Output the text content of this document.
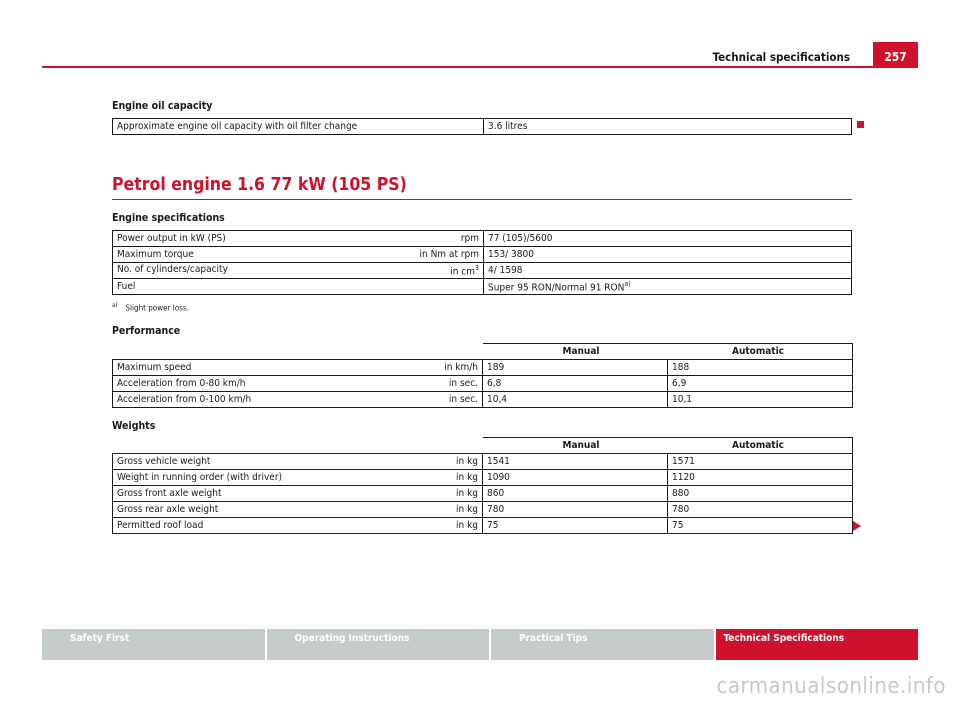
Technical specifications	257
Engine oil capacity
Approximate engine oil capacity with oil filter change	3.6 litres
Petrol engine 1.6 77 kW (105 PS)
Engine specifications
Power output in kW (PS) rpm	77 (105)/5600
Maximum torque in Nm at rpm	153/ 3800
No. of cylinders/capacity in $cm^3$	4/ 1598
Fuel	Super 95 RON/Normal 91 RON$^{a)}$
$^{a)}$ Slight power loss.
Performance
	Manual	Automatic
Maximum speed in km/h	189	188
Acceleration from 0-80 km/h in sec.	6,8	6,9
Acceleration from 0-100 km/h in sec.	10,4	10,1
Weights
	Manual	Automatic
Gross vehicle weight in kg	1541	1571
Weight in running order (with driver) in kg	1090	1120
Gross front axle weight in kg	860	880
Gross rear axle weight in kg	780	780
Permitted roof load in kg	75	75
Safety First	Operating Instructions	Practical Tips	Technical Specifications
carmanualsonline.info
